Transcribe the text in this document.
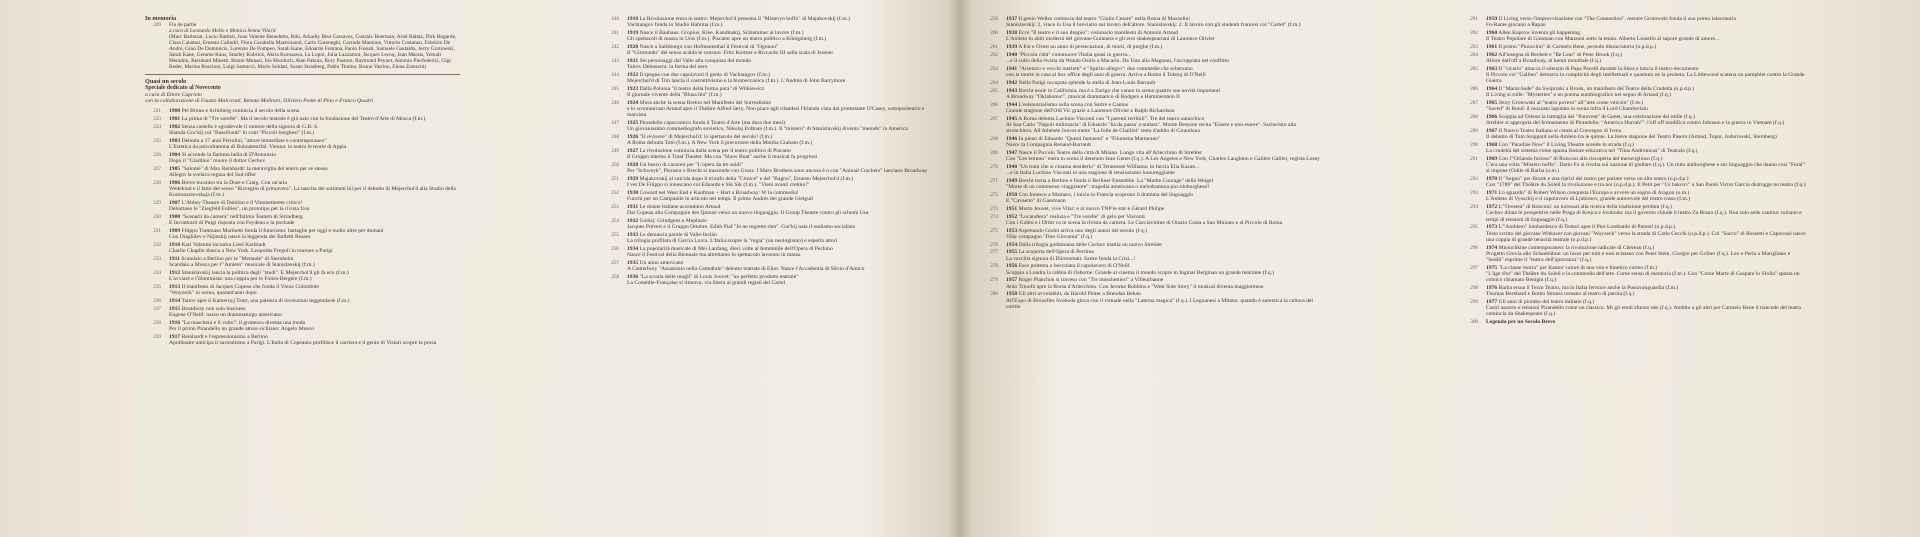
In memoria

209 Fin de partie
a cura di Leonardo Mello e Monica Senna Vilaril
(Marc Barbezat, Lucio Battisti, Joao Valente Benedetto, Riki, Arkadiy Biso Cassavez, Gusztáv Boerman, Ariel Baltaz, Dirk Bogarde, Clara Calamai, Ernesto Calindri, Flora Carabella Mastroianni, Carlo Cotoneghi, Corrado Manione, Vittorio Costanzo, Fabrizio De Andrè, Gino De Dominicis, Lorenzo De Pompeo, Sarah Kane, Edoardo Fontana, Paolo Fossati, Samuele Gastaldo, Jerzy Grotowski, Sarah Kane, Gerame Kaus, Stanley Kubrick, Akira Kurosawa, La Lupoi, Julia Lazzaroni, Jacques Lecoq, Jean Marais, Yehudi Menuhin, Bernhard Minetti, Bruno Munari, Iris Murdoch, Alan Pakula, Rory Pastore, Raymond Peynet, Antonio Pierfederici, Gigi Reder, Marina Roscioni, Luigi Santucci, Mario Soldati, Susan Strasberg, Pablo Tintino, Bruno Vatrino, Elena Zareschi)

Quasi un secolo

Speciale dedicato al Novecento

a cura di Ettore Capriolo

con la collaborazione di Fausto Malcovati, Renata Molinari, Oliviero Ponte di Pino e Franco Quadri

221 1900 Pel Bruno e Schirberg comincia il secolo della scena
223 1901 La prima di "Tre sorelle". Ma il secolo teatrale è già nato con la fondazione del Teatro d'Arte di Mosca (f.m.)
224 1902 Senza castelle è sgradevole il rumore della signora di G.B. S.
Shanda Goc'kij col "Bassifondi" in cont "Piccoli borghesi" (f.m.)
225 1903 Debutta a 17 anni Petrolini, "attore immediate e contemporaneo"
L'Estetica da psicodramma di Bohnatestifal. Vienna: in teatro le teorie di Appia
226 1904 Si accende la fiamma bella di D'Annunzio
Dopo il "Giardino" muore il dottor Cechov
227 1905 "Salomè" di Max Reinhardt: la meraviglia del teatro per se stesso
Allegro la svelava regina del Sud tiffer
228 1906 Breve incontro tra la Duse e Craig. Con un'aria
Wedekind e il fatto del senso "Risveglio di primavera". La nascita dei sottinteti bil per il debutto di Mejerchol'd alla Studio della Komissarzevskaja (f.m.)
229 1907 L'Abbey Theatre di Dublino e il Vimmetterete critico!
Debuttano le "Ziegfeld Follies", un prototipo per la rivista Usa
230 1908 "Scenarii da camera" nell'Intima Teatern di Strindberg
E Incontrarti di Pulgi risposta con Feydeau e la pochade
231 1909 Filippo Tommaso Marinetti fonda il futurismo: battaglie per oggi e molto altre per domani
Con Diaghilev e Nijinskij nasce la leggenda dei Balletti Russes
232 1910 Karl Valentin incontra Liesl Karlstadt
Charlie Chaplin sbarca a New York. Leopoldo Fregoli in tournee a Parigi
233 1911 Scandalo a Berlino per le "Metande" di Sternheim
Scandalo a Mosca per l'"Amleto" musicale di Stanislavskij (f.m.)
234 1912 Stanislavskij lancia la politica degli "studi". E Mejerchol'd gli fa eco (f.m.)
L'avviare e l'illuminista: una coppia per le Folies-Bergère (f.m.)
235 1913 Il manifesto di Jacques Copeau che fonda il Vieux Colombier
"Woyzeck" in scena, quarant'anni dopo
236 1914 Taitov apre il Kamernyj Teatr, una palestra di invenzioni leggendarie (f.m.)
237 1915 Broadway non solo business
Eugene O'Neill: nasce un drammaturgo americano
238 1916 "La maschera e il volto": il grottesco diventa una moda
Per il primo Pirandello un grande attore siciliano: Angelo Musco
239 1917 Reinhardt e l'espressionismo a Berlino
Apollinaire anticipa il surrealismo a Parigi. L'Italia di Copeaulo profilisce il carriera e il genio di Vistarì scopre la prosa
240 1918 La Rivoluzione entra in teatro: Mejerchol'd presenta il "Misteryo buffo" di Majakovskij (f.m.)
Vachtangov fonda lo Studio Habima (f.m.)
241 1919 Nasce il Bauhaus. Gropius, Klee, Kandinskij, Schlemmer al lavoro (f.m.)
Gli spettacoli di massa in Urss (f.m.). Piscator apre un teatro politico a Königsberg (f.m.)
242 1920 Nasce a Salisburgo con Hofmannsthal il Festival di "Ognuno"
Il "Girotondo" del senso scalda le censure. Fritz Kortner e Riccardo III sulla scala di Jessner
243 1921 Sei personaggi dal Valle alla conquista del mondo
Tairov Debussera: la forma del nero
244 1922 Il spegne con due capolavori il genio di Vachtangov (f.m.)
Mejerchol'd di Tim lancia il costruttivismo e la biomeccanica (f.m.). L'Andréa di John Barrymore
245 1923 Dalla Polonia "il teatro della forma pura" di Witkiewicz
Il giornale vivente della "Blusa blu" (f.m.)
246 1924 Sfora anche la scena Breton nel Manifesto del Surrealismo
e lo scomunicato Artaud apre il Théâtre Alfred Jarry. Non piace agli irlandesi l'Irlanda vista dal protestante O'Casey, sottoproletario e marxista
247 1925 Pirandello capocomico fonda il Teatro d'Arte (ma dura due mesi)
Un giovanissimo commediografo sovietico, Nikolaj Erdman (f.m.). Il "mistero" di Stanislavskij diventa "metodo" in America
248 1926 "Il revisore" di Mejerchol'd: lo spettacolo del secolo! (f.m.)
A Roma debutta Totò (f.m.). A New York il precursore della Martha Graham (f.m.)
249 1927 La rivoluzione comincia dalla scena per il teatro politico di Piscator
Il Gruppo interno il Total Theater. Ma con "Show Boat" anche il musical fa progressi
250 1928 Un bosco di canzoni per "L'opera da tre soldi"
Per "Schweyk", Piscator e Brecht si trascende con Grosz. I Marx Brothers sono ancora è o con "Animal Crackers" lanciano Broadway
251 1929 Majakovskij al suicida dopo il trionfo della "Cimice" e del "Bagno", Ernesto Mejerchol'd (f.m.)
I ver De Filippo si innescano col Eduardo e Sik Sik (f.m.). "Vieni avanti cretino!"
252 1930 Coward nel West End e Kaufman + Hart a Broadway: W la commedia!
Fuochi per un Campanile in articolo nei tempi. Il primo Andrés del grande Gielgud
253 1931 Le donne italiane accendono Artaud
Dal Copeau alla Compagnie des Quinze verso un nuovo linguaggio. Il Group Theatre contro gli schemi Usa
254 1932 Gorkij: Grindgens e Mephisto
Jacques Prévert e il Gruppo Ottobre. Edith Piaf "Je ne regrette rien". Gor'kij nata il realismo socialista
255 1933 Le denuncia parole di Valle-Inclán
La trilogia profilata di García Lorca. L'Italia scopre la "regia" (un neologismo) e esperta attori
256 1934 La popolarità musicale di Mei Lanfang, dieci volte al femminile dell'Opera di Pechino
Nasce il Festival della Biennale ma altrettanto lo spettacolo lavorato in massa
257 1935 Un anno americano
A Canterbury "Assassinio nella Cattedrale" debutto teatrale di Eliot. Nasce l'Accademia di Silvio d'Amico
258 1936 "La scuola delle mogli" di Louis Jouvet: "un perfetto prodotto teatrale"
La Comédie-Française si rinnova: via libera ai grandi registi del Cartel
259 1937 Il genio Welles comincia dal teatro "Giulio Cesare" nella Roma di Mussolini
Stanislavskij: 2, vince in Usa il breviario sul lavoro dell'attore. Stanislavskij: 2: Il lavoro con gli studenti francesi col "Cartel" (f.m.)
260 1938 Ecce "Il teatro e il suo doppio": visionario manifesto di Antonin Artaud
L'Amleto in abiti moderni del giovane Guinness e gli eroi shakespeariani di Laurence Olivier
261 1939 A Est e Ovest un anno di persecuzioni, di morti, di purghe (f.m.)
262 1940 "Piccola città" commuove l'Italia quasi in guerra...
...e il culto della rivista da Wanda Osiris a Macario. Da Toto alla Magnani, l'accoppiata nel conflitto
263 1941 "Arsenico e vecchi merletti" e "Spirito allegro": due commedie che scherzano
con la morte in casa al box office degli anni di guerra. Arriva a Roma il Tolstoj di O'Neill
264 1942 Nella Parigi occupata splende la stella di Jean-Louis Barrault
265 1943 Brecht esule in California, ma è a Zurigo che vanno in scena quattro sue novità importanti
A Broadway "Oklahoma!", musical drammatico di Rodgers e Hammerstein II
266 1944 L'esistenzialismo sulla scena con Sartre e Camus
Grande stagione dell'Old Vic grazie a Laurence Olivier e Ralph Richardson
267 1945 A Roma debutta Luchino Visconti con "I parenti terribili". Tre del teatro autarchico
Al San Carlo "Napoli milionaria" di Eduardo "ha da passa' a nuttata". Monte Bessone recita "Essere e non essere". Sacheristo alla stronchiera. All'Athénée Jouvet mette "La folle de Chaillot" testo d'addio di Giraudoux
268 1946 In pieno di Eduardo "Questi fantasmi" e "Filumena Marturano"
Nasce la Compagnia Renaud-Barrault
269 1947 Nasce il Piccolo Teatro della città di Milano. Lungo vita all'Arlecchino di Strehler
Con "Les bonnes" entra in scena il detenuto Jean Genet (f.q.). A Los Angeles e New York, Charles Laughton e Galileo Galilei, regista Losey
270 1948 "Un tram che si chiama desiderio" di Tennessee Williams: in faccia Elia Kazan...
...e in Italia Luchino Visconti in uno stagione di tensionismo lussureggiante
271 1949 Brecht torna a Berlino e fonda il Berliner Ensemble. La "Madre Courage" della Weigel
"Morte di un commesso viaggiatore": tragedia americana o melodramma piccoloborghese?
272 1950 Con Ionesco a Mamaro, i inizio in Francia scoprono il dramma del linguaggio
E "Cavaetto" di Gassmann
273 1951 Morto Jouvet, vive Vilar: e al nuovo TNP le star è Gérard Philipe
274 1952 "Locandiera" realista e "Tre sorelle" di gelo per Visconti
Con i Gobbi e i Dritti va in scena la rivista da camera. Le Cacciavitime di Orazio Costa a San Miniato e al Piccolo di Roma
275 1953 Aspettando Godot arriva uno degli autori del secolo (f.q.)
Vilar compagno "Don Giovanni" (f.q.)
276 1954 Dalla trilogia goldoniana delle Cechov mattia un nuovo Strehler
277 1955 La scoperta dell'Opera di Pechino
La vecchia signora di Dürrenmatt. Sartre fonda la Crisi...!
278 1956 Esce protesta o boccolata il capolavoro di O'Neill
Scoppia a Londra la rabbia di Osborne. Grande al cinema il mondo scopre in Ingmar Bergman un grande teatrante (f.q.)
279 1957 Roger Planchon si traveso con "Tre moschettieri" a Villeurbanne
Aldo Trionfo apre la Borsa d'Arlecchino. Con Jerome Robbins e "West Side Story" il musical diventa maggiorenne
280 1958 Gli altri avvolabbit, da Harold Pinter a Brendan Behan
All'Expo di Bruxelles Svoboda gioca con il virtuale nella "Laterna magica" (f.q.). I Legnanesi a Milano: quando è autentica la cultura del cortile
281 1959 Il Living verso l'improvvisazione con "The Connection", mentre Grotowski fonda il suo primo laboratorio
Fo-Rame giocano a Rapan
282 1960 Allen Kaprow inventa gli happening
Il Teatro Popolare di Gassman con Manzoni sotto la tenda. Alberto Lionello al sapore grande di amore...
283 1961 Il primo "Pinocchio" di Carmelo Bene, periodo dissacratorio (o.p.d.p.)
284 1962 All'insegna di Beckett e "Re Lear" di Peter Brook (f.q.)
Allore dall'off a Broadway, al boom mondiale (f.q.)
285 1963 Il "vicario" attacca il silenzio di Papa Pacelli durante la Shoa e lancia il teatro-documento
Il Piccolo col "Galileo" demarca la complicità degli intellettuali e quantum ne la proietta. La Littlewood scatena un pamphlet contro la Grande Guerra
286 1964 Il "Marat-Sade" da Swiprzski a Brook, un manifesto del Teatro della Crudeltà (o.p.d.p.)
Il Living si rolle: "Mysteries" e un poema autobiografico nel segno di Artaud (f.q.)
287 1965 Jerzy Grotowski al "teatro povero" all'"arte come veicolo" (f.m.)
"Saved" di Bond: il mozzato lapidato in scena infra il Lord Chamberlain
288 1966 Scoppia ad Orleon la battaglia dei "Paravent" di Genet, una celebrazione del mille (f.q.)
Strehler si appropria del fermamento di Pirandello. "America Hurrah!": l'off off modifica contro Johnson e la guerra in Vietnam (f.q.)
289 1967 Il Nuovo Teatro Italiano si creata al Convegno di Ivrea
Il debutto di Tom Stoppard nella Amleto tra le quinte. La breve stagione del Teatro Pasero (Artaud, Topor, Jodorowski, Sternberg)
290 1968 Con "Paradise Now" il Living Theatre scende in strada (f.q.)
La crudeltà del sistema come spunta feature educativa nel "Titus Andronicus" di Teatralo (f.q.)
291 1969 Con l'"Orlando furioso" di Ronconi alla riscoperta del meraviglioso (f.q.)
C'era una volta "Mistero buffo": Dario Fo si rivolta sui nazione di giullare (f.q.). Un mito antiborghese e sur linguaggio che danno cosi "Feral" si impone (Odile di Barba (o.m.)
292 1970 Il "Sogno" per Brook e una riprisi del teatro per parlare verso un alto teatro (o.p.d.p.)
Con "1789" del Théâtre du Soleil la rivoluzione e tra noi (o.p.d.p.). Il Petit per "Cs bakcov" a San Paolo Victor Garcia distrugge no teatro (f.q.)
293 1971 Lo sguardo" di Robert Wilson conquista l'Europa e avvere un sogno di Aragon (o.m.)
L'Amleto di Vysockij e il capolavoro di Ljubimov, grande autorevole del teatro russo (f.m.)
294 1972 L'"Orestea" di Ronconi: un kolossal alla ricerca della tradizione perduta (f.q.)
Cechov dilata le prospettive nelle Praga di Krejca e Svoboda: ma il governo chiude il teatro Za Branu (f.q.). Non solo sede cantina: romano e tempi di tensioni di linguaggio (f.q.)
295 1973 L'"Ambleto" lombardesco di Testori apre il Pier Lombardo di Parenti (o.p.d.p.)
Testo scritto del giovane Witkacer con giovani "Woyzeck" verso la strada di Carlo Cecchi (o.p.d.p.). Col "Sacco" di Rossetti e Caporossi nasce una coppia di grande tenacità teatrale (o.p.d.p.)
296 1974 Mnouchkine contemporaneo: la rivoluzione radicale di Chéreau (f.q.)
Progetto Grevia allo Schaubühne: un lusso per tutti e non eclatano con Peter Stein, Giorgio per Grüber (f.q.). Leo e Perla a Marigliano e "Sedili" esprime il "teatro dell'ignoranza" (f.q.)
297 1975 "La classe morta" per Kantor valore di una vita e fonetico corteo (f.m.)
"L'âge d'or" del Théâtre du Soleil e la commedia dell'arte. Come senso di memoria (f.m.). Con "Come Marte di Gaspare lo Sfolla" sposta un comico chiamato Benigni (f.q.)
298 1976 Barba ersua il Terzo Teatro, ma in Italia fermice anche la Postavanguardia (f.m.)
Thomas Bernhard e Botho Strauss tornano al teatro di parola (f.q.)
299 1977 Gli anni di piombo del teatro italiano (f.q.)
Castri assorto e tensioni Pirandello come un classico. Mi gli eredi sfuono nes (f.q.). Ambito a gli altri per Carmelo Bene il tiancede del teatro comincia da Shakespeare (f.q.)
308 Legenda per un Secolo Breve
